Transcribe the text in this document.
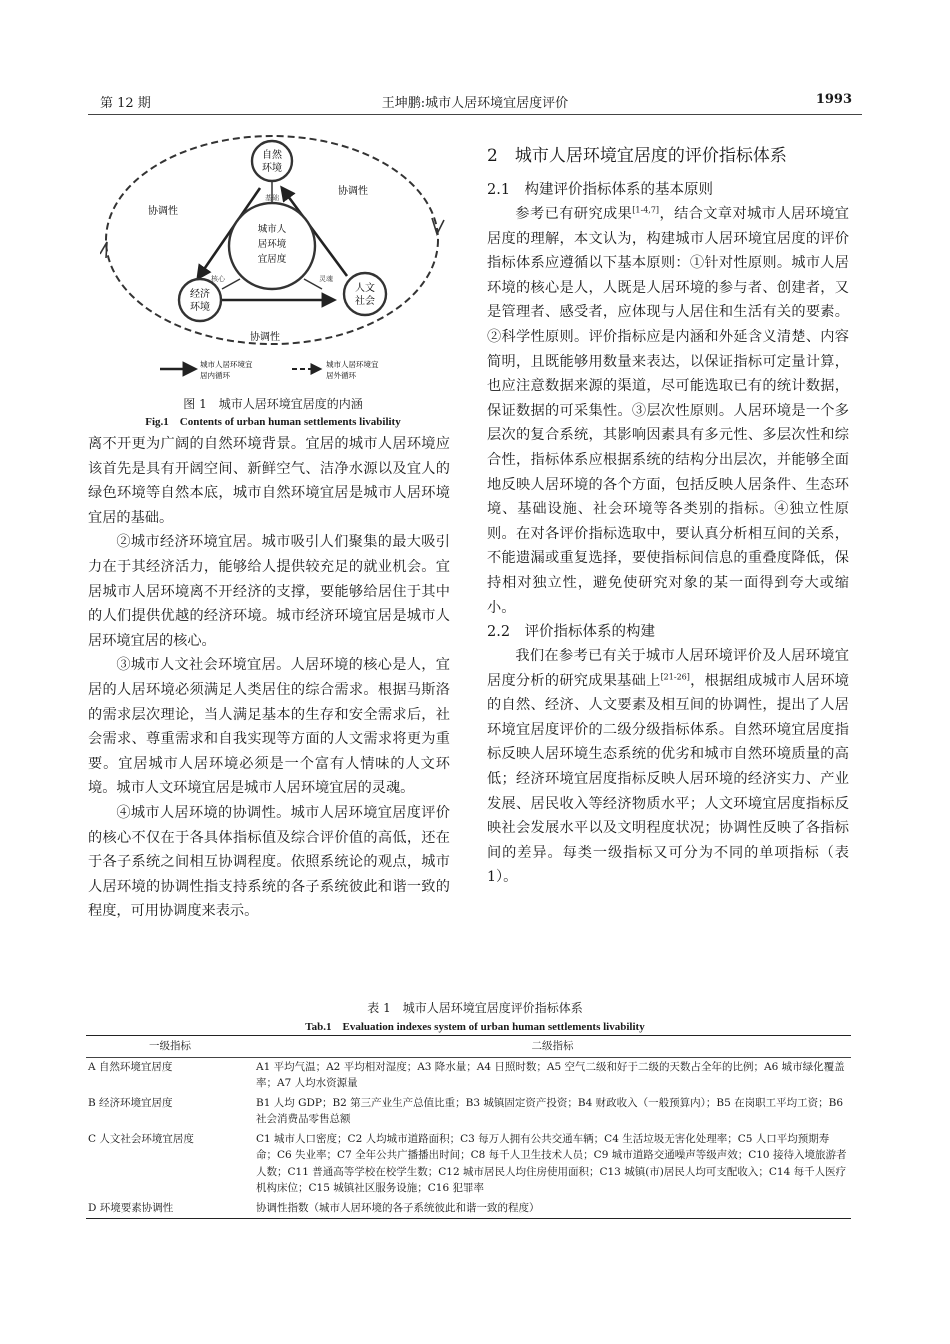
第 12 期	王坤鹏:城市人居环境宜居度评价	1993
城市人
居环境
宜居度
自然
环境
经济
环境
人文
社会
基础
核心	灵魂
协调性
协调性
协调性
城市人居环境宜
居内循环
城市人居环境宜
居外循环
图 1　城市人居环境宜居度的内涵
Fig.1　Contents of urban human settlements livability

离不开更为广阔的自然环境背景。宜居的城市人居环境应该首先是具有开阔空间、新鲜空气、洁净水源以及宜人的绿色环境等自然本底，城市自然环境宜居是城市人居环境宜居的基础。

②城市经济环境宜居。城市吸引人们聚集的最大吸引力在于其经济活力，能够给人提供较充足的就业机会。宜居城市人居环境离不开经济的支撑，要能够给居住于其中的人们提供优越的经济环境。城市经济环境宜居是城市人居环境宜居的核心。

③城市人文社会环境宜居。人居环境的核心是人，宜居的人居环境必须满足人类居住的综合需求。根据马斯洛的需求层次理论，当人满足基本的生存和安全需求后，社会需求、尊重需求和自我实现等方面的人文需求将更为重要。宜居城市人居环境必须是一个富有人情味的人文环境。城市人文环境宜居是城市人居环境宜居的灵魂。

④城市人居环境的协调性。城市人居环境宜居度评价的核心不仅在于各具体指标值及综合评价值的高低，还在于各子系统之间相互协调程度。依照系统论的观点，城市人居环境的协调性指支持系统的各子系统彼此和谐一致的程度，可用协调度来表示。

2　城市人居环境宜居度的评价指标体系

2.1　构建评价指标体系的基本原则

参考已有研究成果[1-4,7]，结合文章对城市人居环境宜居度的理解，本文认为，构建城市人居环境宜居度的评价指标体系应遵循以下基本原则：①针对性原则。城市人居环境的核心是人，人既是人居环境的参与者、创建者，又是管理者、感受者，应体现与人居住和生活有关的要素。②科学性原则。评价指标应是内涵和外延含义清楚、内容简明，且既能够用数量来表达，以保证指标可定量计算，也应注意数据来源的渠道，尽可能选取已有的统计数据，保证数据的可采集性。③层次性原则。人居环境是一个多层次的复合系统，其影响因素具有多元性、多层次性和综合性，指标体系应根据系统的结构分出层次，并能够全面地反映人居环境的各个方面，包括反映人居条件、生态环境、基础设施、社会环境等各类别的指标。④独立性原则。在对各评价指标选取中，要认真分析相互间的关系，不能遗漏或重复选择，要使指标间信息的重叠度降低，保持相对独立性，避免使研究对象的某一面得到夸大或缩小。

2.2　评价指标体系的构建

我们在参考已有关于城市人居环境评价及人居环境宜居度分析的研究成果基础上[21-26]，根据组成城市人居环境的自然、经济、人文要素及相互间的协调性，提出了人居环境宜居度评价的二级分级指标体系。自然环境宜居度指标反映人居环境生态系统的优劣和城市自然环境质量的高低；经济环境宜居度指标反映人居环境的经济实力、产业发展、居民收入等经济物质水平；人文环境宜居度指标反映社会发展水平以及文明程度状况；协调性反映了各指标间的差异。每类一级指标又可分为不同的单项指标（表 1）。

表 1　城市人居环境宜居度评价指标体系
Tab.1　Evaluation indexes system of urban human settlements livability
一级指标	二级指标
A 自然环境宜居度	A1 平均气温；A2 平均相对湿度；A3 降水量；A4 日照时数；A5 空气二级和好于二级的天数占全年的比例；A6 城市绿化覆盖率；A7 人均水资源量
B 经济环境宜居度	B1 人均 GDP；B2 第三产业生产总值比重；B3 城镇固定资产投资；B4 财政收入（一般预算内）；B5 在岗职工平均工资；B6 社会消费品零售总额
C 人文社会环境宜居度	C1 城市人口密度；C2 人均城市道路面积；C3 每万人拥有公共交通车辆；C4 生活垃圾无害化处理率；C5 人口平均预期寿命；C6 失业率；C7 全年公共广播播出时间；C8 每千人卫生技术人员；C9 城市道路交通噪声等级声效；C10 接待入境旅游者人数；C11 普通高等学校在校学生数；C12 城市居民人均住房使用面积；C13 城镇(市)居民人均可支配收入；C14 每千人医疗机构床位；C15 城镇社区服务设施；C16 犯罪率
D 环境要素协调性	协调性指数（城市人居环境的各子系统彼此和谐一致的程度）
